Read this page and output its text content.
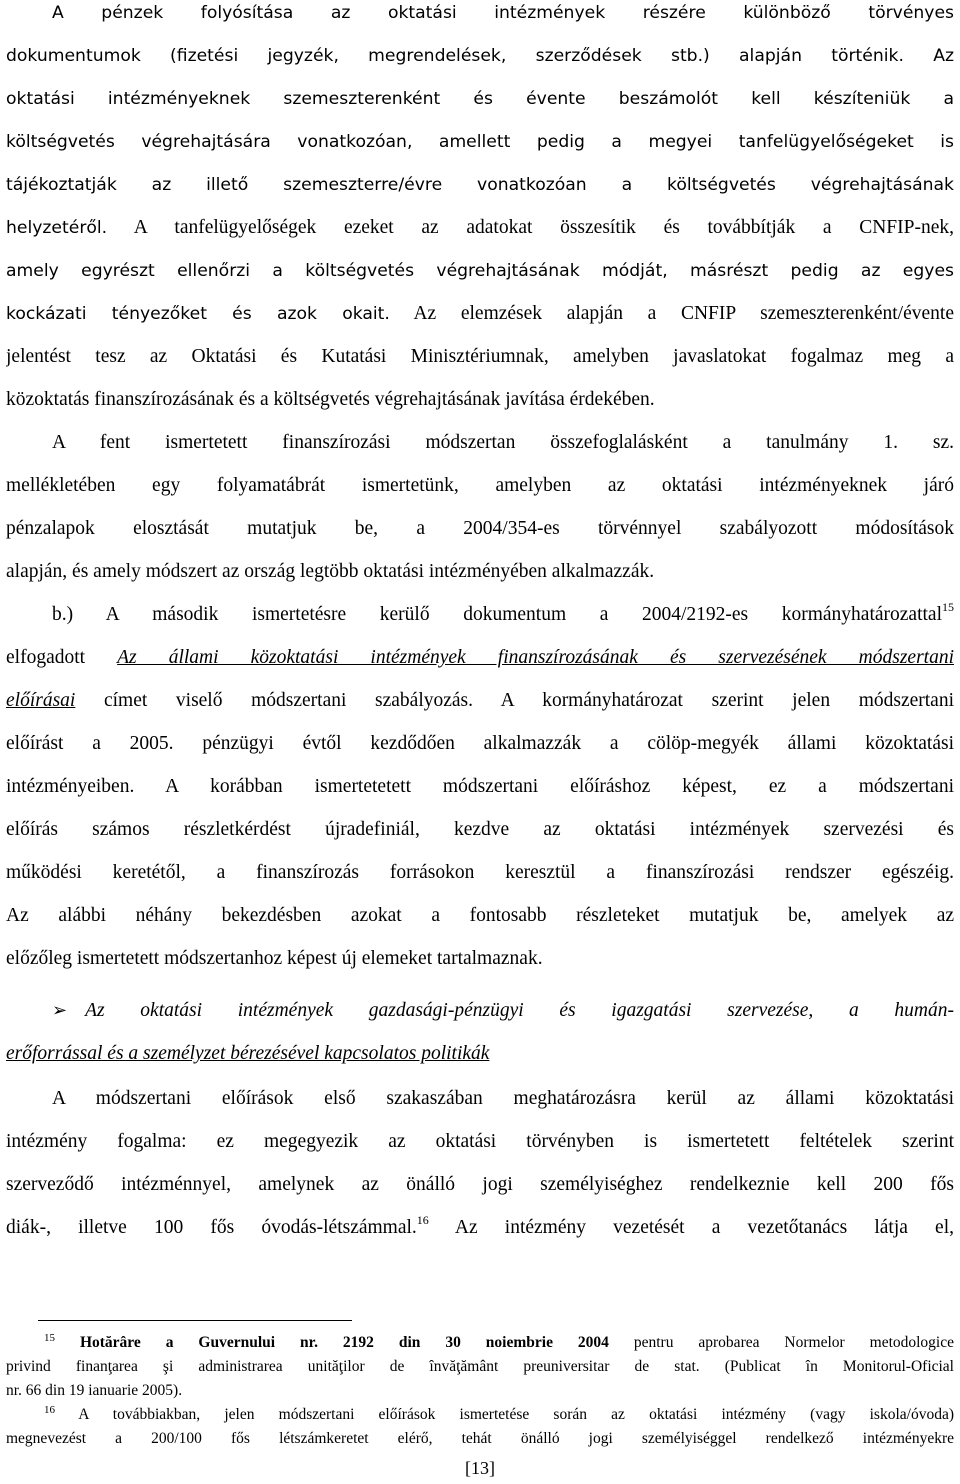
A pénzek folyósítása az oktatási intézmények részére különböző törvényes
dokumentumok (fizetési jegyzék, megrendelések, szerződések stb.) alapján történik. Az
oktatási intézményeknek szemeszterenként és évente beszámolót kell készíteniük a
költségvetés végrehajtására vonatkozóan, amellett pedig a megyei tanfelügyelőségeket is
tájékoztatják az illető szemeszterre/évre vonatkozóan a költségvetés végrehajtásának
helyzetéről. A tanfelügyelőségek ezeket az adatokat összesítik és továbbítják a CNFIP-nek,
amely egyrészt ellenőrzi a költségvetés végrehajtásának módját, másrészt pedig az egyes
kockázati tényezőket és azok okait. Az elemzések alapján a CNFIP szemeszterenként/évente
jelentést tesz az Oktatási és Kutatási Minisztériumnak, amelyben javaslatokat fogalmaz meg a
közoktatás finanszírozásának és a költségvetés végrehajtásának javítása érdekében.
A fent ismertetett finanszírozási módszertan összefoglalásként a tanulmány 1. sz.
mellékletében egy folyamatábrát ismertetünk, amelyben az oktatási intézményeknek járó
pénzalapok elosztását mutatjuk be, a 2004/354-es törvénnyel szabályozott módosítások
alapján, és amely módszert az ország legtöbb oktatási intézményében alkalmazzák.
b.) A második ismertetésre kerülő dokumentum a 2004/2192-es kormányhatározattal$^{15}$
elfogadott Az állami közoktatási intézmények finanszírozásának és szervezésének módszertani
előírásai címet viselő módszertani szabályozás. A kormányhatározat szerint jelen módszertani
előírást a 2005. pénzügyi évtől kezdődően alkalmazzák a cölöp-megyék állami közoktatási
intézményeiben. A korábban ismertetetett módszertani előíráshoz képest, ez a módszertani
előírás számos részletkérdést újradefiniál, kezdve az oktatási intézmények szervezési és
működési keretétől, a finanszírozás forrásokon keresztül a finanszírozási rendszer egészéig.
Az alábbi néhány bekezdésben azokat a fontosabb részleteket mutatjuk be, amelyek az
előzőleg ismertetett módszertanhoz képest új elemeket tartalmaznak.
➢ Az oktatási intézmények gazdasági-pénzügyi és igazgatási szervezése, a humán-
erőforrással és a személyzet bérezésével kapcsolatos politikák
A módszertani előírások első szakaszában meghatározásra kerül az állami közoktatási
intézmény fogalma: ez megegyezik az oktatási törvényben is ismertetett feltételek szerint
szerveződő intézménnyel, amelynek az önálló jogi személyiséghez rendelkeznie kell 200 fős
diák-, illetve 100 fős óvodás-létszámmal.$^{16}$ Az intézmény vezetését a vezetőtanács látja el,
$^{15}$ Hotărâre a Guvernului nr. 2192 din 30 noiembrie 2004 pentru aprobarea Normelor metodologice
privind finanţarea şi administrarea unităţilor de învăţământ preuniversitar de stat. (Publicat în Monitorul-Oficial
nr. 66 din 19 ianuarie 2005).
$^{16}$ A továbbiakban, jelen módszertani előírások ismertetése során az oktatási intézmény (vagy iskola/óvoda)
megnevezést a 200/100 fős létszámkeretet elérő, tehát önálló jogi személyiséggel rendelkező intézményekre
[13]
